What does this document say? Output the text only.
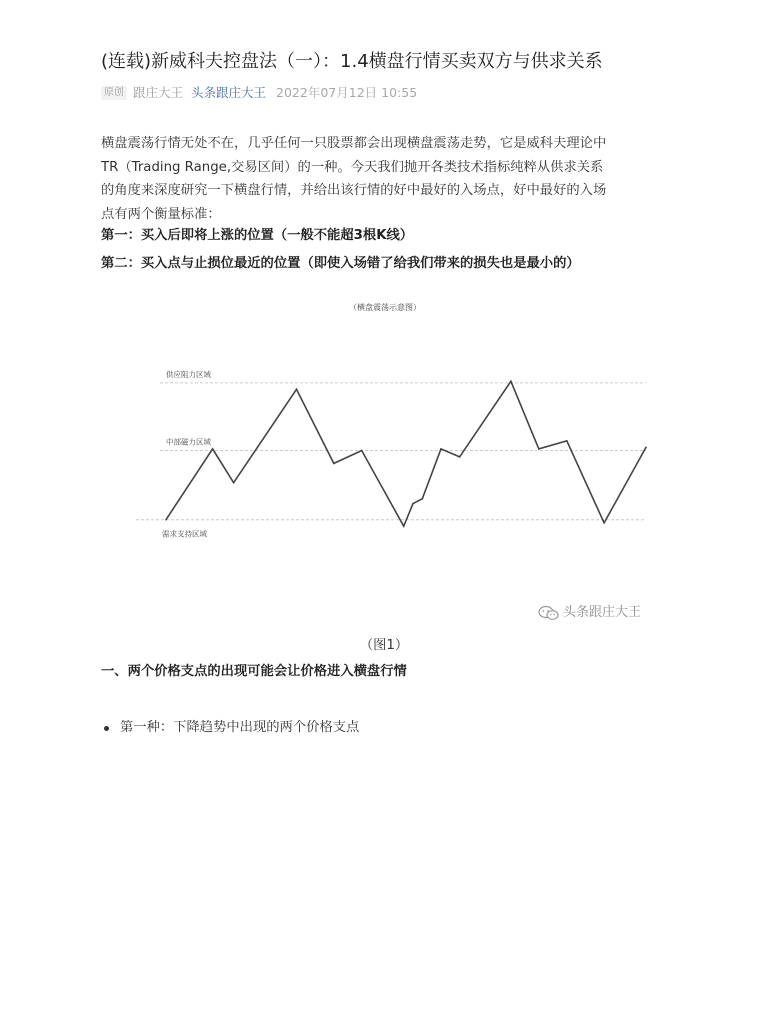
(连载)新威科夫控盘法（一）：1.4横盘行情买卖双方与供求关系
原创 跟庄大王 头条跟庄大王 2022年07月12日 10:55

横盘震荡行情无处不在，几乎任何一只股票都会出现横盘震荡走势，它是威科夫理论中
TR（Trading Range,交易区间）的一种。今天我们抛开各类技术指标纯粹从供求关系
的角度来深度研究一下横盘行情，并给出该行情的好中最好的入场点，好中最好的入场
点有两个衡量标准：

第一：买入后即将上涨的位置（一般不能超3根K线）

第二：买入点与止损位最近的位置（即使入场错了给我们带来的损失也是最小的）

（横盘震荡示意图）
供应阻力区域
中部磁力区域
需求支持区域
头条跟庄大王
（图1）

一、两个价格支点的出现可能会让价格进入横盘行情

第一种：下降趋势中出现的两个价格支点
